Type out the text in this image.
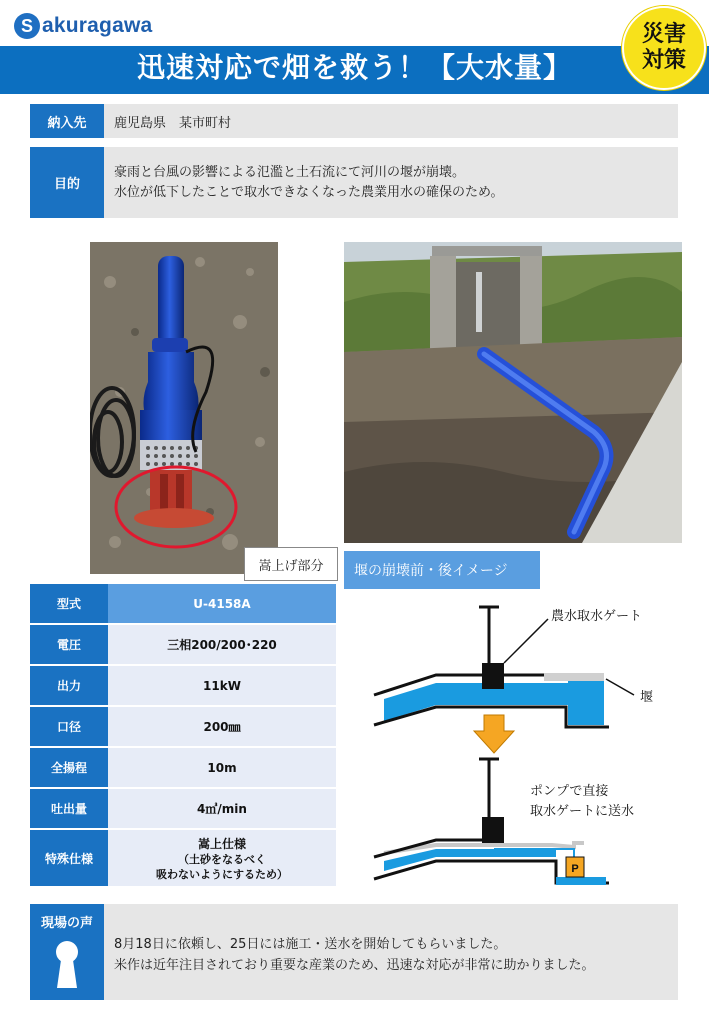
S akuragawa
迅速対応で畑を救う！【大水量】
災害
対策
納入先	鹿児島県　某市町村
目的
豪雨と台風の影響による氾濫と土石流にて河川の堰が崩壊。
水位が低下したことで取水できなくなった農業用水の確保のため。
嵩上げ部分	堰の崩壊前・後イメージ
型式	U-4158A
電圧	三相200/200･220
出力	11kW
口径	200㎜
全揚程	10m
吐出量	4㎥/min
特殊仕様	嵩上仕様
（土砂をなるべく
吸わないようにするため）	P
農水取水ゲート
堰
ポンプで直接
取水ゲートに送水
現場の声
8月18日に依頼し、25日には施工・送水を開始してもらいました。
米作は近年注目されており重要な産業のため、迅速な対応が非常に助かりました。
